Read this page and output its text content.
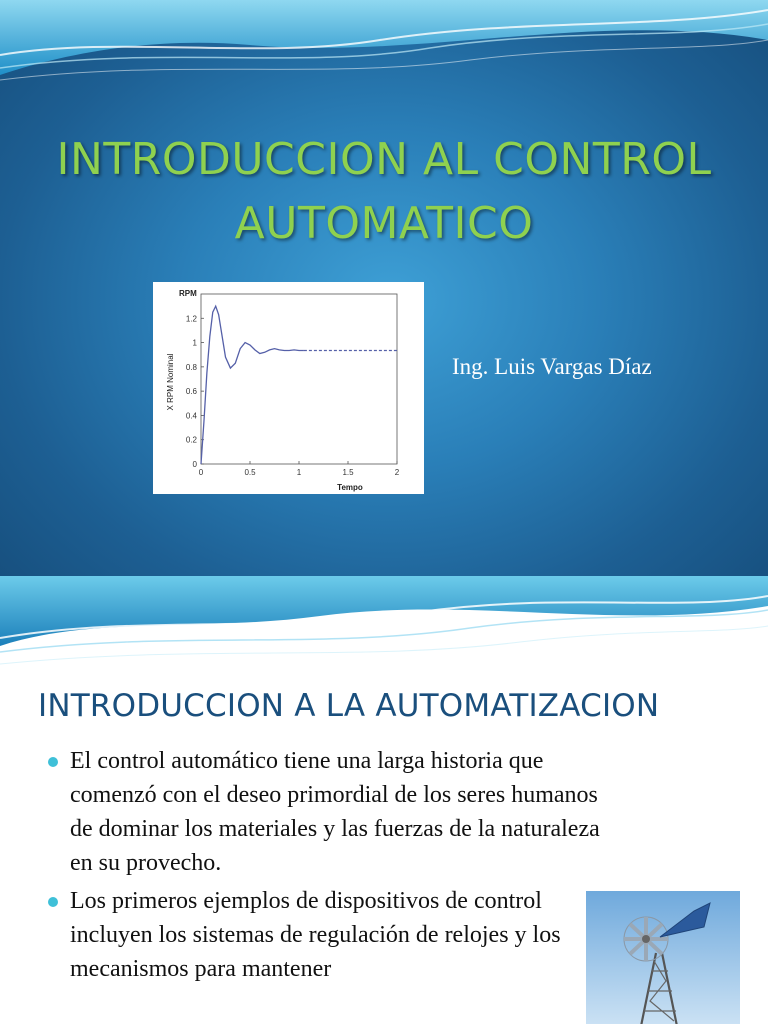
INTRODUCCION AL CONTROL AUTOMATICO
RPM
X RPM Nominal
Tempo
0	0.5	1	1.5	2
0
0.2
0.4
0.6
0.8
1
1.2
Ing. Luis Vargas Díaz
INTRODUCCION A LA AUTOMATIZACION
El control automático tiene una larga historia que comenzó con el deseo primordial de los seres humanos de dominar los materiales y las fuerzas de la naturaleza en su provecho.
Los primeros ejemplos de dispositivos de control incluyen los sistemas de regulación de relojes y los mecanismos para mantener
